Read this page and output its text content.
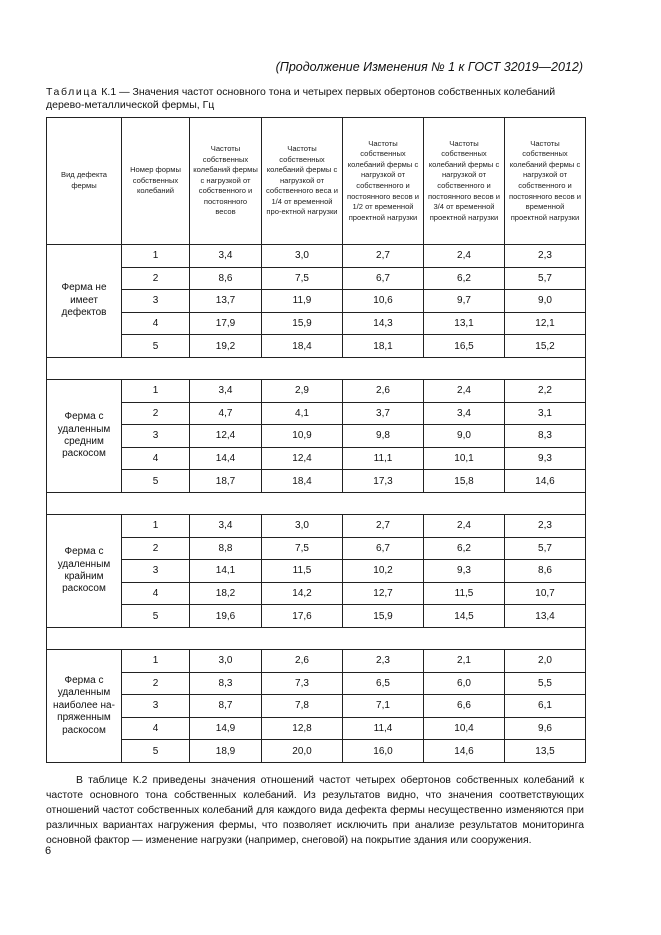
(Продолжение Изменения № 1 к ГОСТ 32019—2012)
Таблица К.1 — Значения частот основного тона и четырех первых обертонов собственных колебаний дерево-металлической фермы, Гц
Вид дефекта фермы	Номер формы собственных колебаний	Частоты собственных колебаний фермы с нагрузкой от собственного и постоянного весов	Частоты собственных колебаний фермы с нагрузкой от собственного веса и 1/4 от временной про-ектной нагрузки	Частоты собственных колебаний фермы с нагрузкой от собственного и постоянного весов и 1/2 от временной проектной нагрузки	Частоты собственных колебаний фермы с нагрузкой от собственного и постоянного весов и 3/4 от временной проектной нагрузки	Частоты собственных колебаний фермы с нагрузкой от собственного и постоянного весов и временной проектной нагрузки
Ферма не имеет дефектов	1	3,4	3,0	2,7	2,4	2,3
	2	8,6	7,5	6,7	6,2	5,7
	3	13,7	11,9	10,6	9,7	9,0
	4	17,9	15,9	14,3	13,1	12,1
	5	19,2	18,4	18,1	16,5	15,2

Ферма с удаленным средним раскосом	1	3,4	2,9	2,6	2,4	2,2
	2	4,7	4,1	3,7	3,4	3,1
	3	12,4	10,9	9,8	9,0	8,3
	4	14,4	12,4	11,1	10,1	9,3
	5	18,7	18,4	17,3	15,8	14,6

Ферма с удаленным крайним раскосом	1	3,4	3,0	2,7	2,4	2,3
	2	8,8	7,5	6,7	6,2	5,7
	3	14,1	11,5	10,2	9,3	8,6
	4	18,2	14,2	12,7	11,5	10,7
	5	19,6	17,6	15,9	14,5	13,4

Ферма с удаленным наиболее на-пряженным раскосом	1	3,0	2,6	2,3	2,1	2,0
	2	8,3	7,3	6,5	6,0	5,5
	3	8,7	7,8	7,1	6,6	6,1
	4	14,9	12,8	11,4	10,4	9,6
	5	18,9	20,0	16,0	14,6	13,5
В таблице К.2 приведены значения отношений частот четырех обертонов собственных колебаний к частоте основного тона собственных колебаний. Из результатов видно, что значения соответствующих отношений частот собственных колебаний для каждого вида дефекта фермы несущественно изменяются при различных вариантах нагружения фермы, что позволяет исключить при анализе результатов мониторинга основной фактор — изменение нагрузки (например, снеговой) на покрытие здания или сооружения.
6
